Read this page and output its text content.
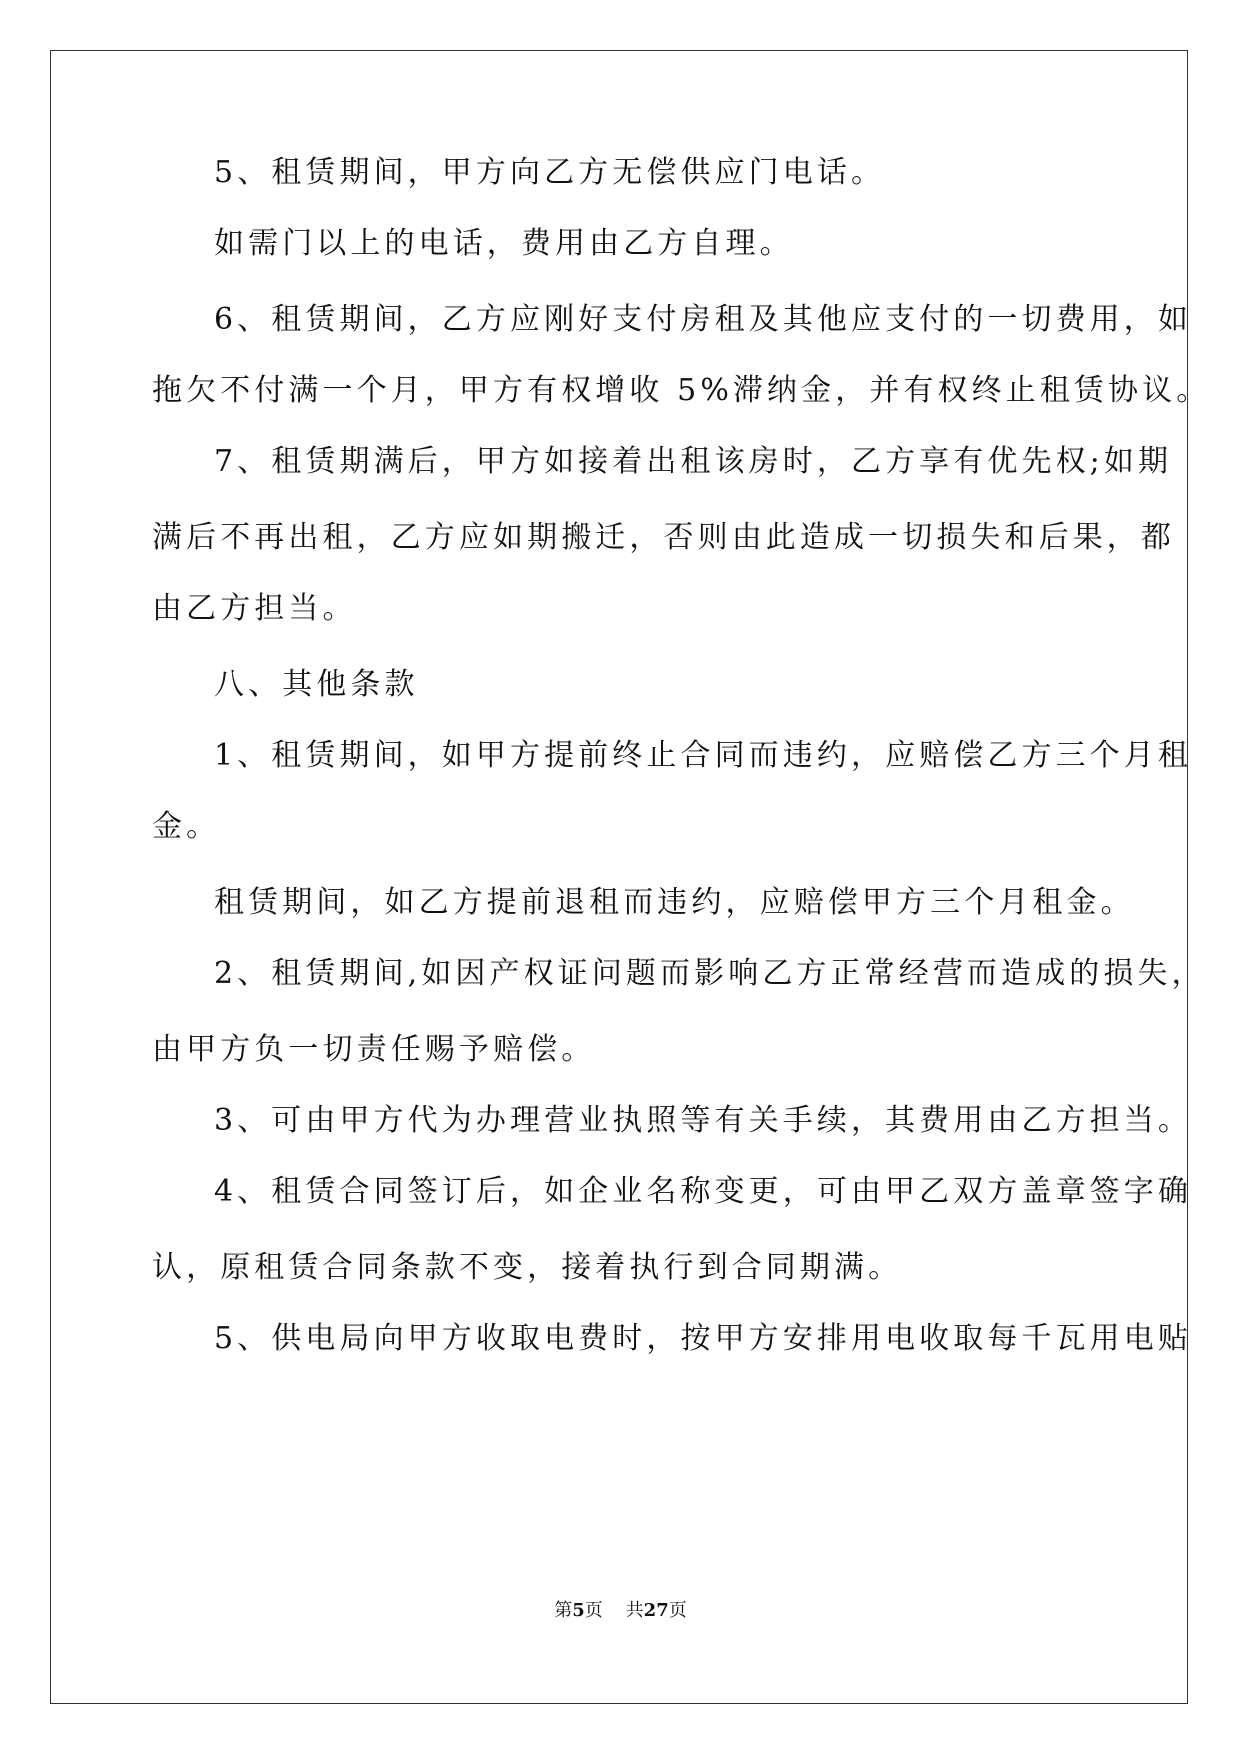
5、租赁期间，甲方向乙方无偿供应门电话。
如需门以上的电话，费用由乙方自理。
6、租赁期间，乙方应刚好支付房租及其他应支付的一切费用，如
拖欠不付满一个月，甲方有权增收 5%滞纳金，并有权终止租赁协议。
7、租赁期满后，甲方如接着出租该房时，乙方享有优先权;如期
满后不再出租，乙方应如期搬迁，否则由此造成一切损失和后果，都
由乙方担当。
八、其他条款
1、租赁期间，如甲方提前终止合同而违约，应赔偿乙方三个月租
金。
租赁期间，如乙方提前退租而违约，应赔偿甲方三个月租金。
2、租赁期间,如因产权证问题而影响乙方正常经营而造成的损失，
由甲方负一切责任赐予赔偿。
3、可由甲方代为办理营业执照等有关手续，其费用由乙方担当。
4、租赁合同签订后，如企业名称变更，可由甲乙双方盖章签字确
认，原租赁合同条款不变，接着执行到合同期满。
5、供电局向甲方收取电费时，按甲方安排用电收取每千瓦用电贴
第5页    共27页
